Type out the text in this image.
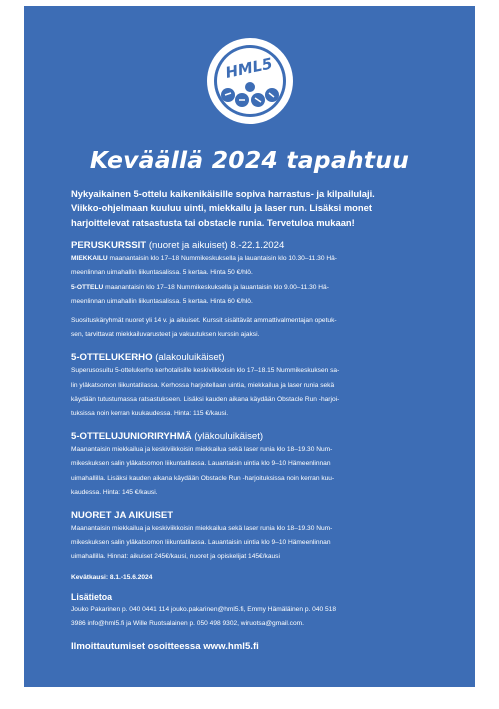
HML5
Keväällä 2024 tapahtuu

Nykyaikainen 5-ottelu kaikenikäisille sopiva harrastus- ja kilpailulaji.

Viikko-ohjelmaan kuuluu uinti, miekkailu ja laser run. Lisäksi monet

harjoittelevat ratsastusta tai obstacle runia. Tervetuloa mukaan!

PERUSKURSSIT (nuoret ja aikuiset) 8.-22.1.2024

MIEKKAILU maanantaisin klo 17–18 Nummikeskuksella ja lauantaisin klo 10.30–11.30 Hä-

meenlinnan uimahallin liikuntasalissa. 5 kertaa. Hinta 50 €/hlö.

5-OTTELU maanantaisin klo 17–18 Nummikeskuksella ja lauantaisin klo 9.00–11.30 Hä-

meenlinnan uimahallin liikuntasalissa. 5 kertaa. Hinta 60 €/hlö.

Suosituskäryhmät nuoret yli 14 v. ja aikuiset. Kurssit sisältävät ammattivalmentajan opetuk-

sen, tarvittavat miekkailuvarusteet ja vakuutuksen kurssin ajaksi.

5-OTTELUKERHO (alakouluikäiset)

Superusosuitu 5-ottelukerho kerhotalisille keskiviikkoisin klo 17–18.15 Nummikeskuksen sa-

lin yläkatsomon liikuntatilassa. Kerhossa harjoitellaan uintia, miekkailua ja laser runia sekä

käydään tutustumassa ratsastukseen. Lisäksi kauden aikana käydään Obstacle Run -harjoi-

tuksissa noin kerran kuukaudessa. Hinta: 115 €/kausi.

5-OTTELUJUNIORIRYHMÄ (yläkouluikäiset)

Maanantaisin miekkailua ja keskiviikkoisin miekkailua sekä laser runia klo 18–19.30 Num-

mikeskuksen salin yläkatsomon liikuntatilassa. Lauantaisin uintia klo 9–10 Hämeenlinnan

uimahallilla. Lisäksi kauden aikana käydään Obstacle Run -harjoituksissa noin kerran kuu-

kaudessa. Hinta: 145 €/kausi.

NUORET JA AIKUISET

Maanantaisin miekkailua ja keskiviikkoisin miekkailua sekä laser runia klo 18–19.30 Num-

mikeskuksen salin yläkatsomon liikuntatilassa. Lauantaisin uintia klo 9–10 Hämeenlinnan

uimahallilla. Hinnat: aikuiset 245€/kausi, nuoret ja opiskelijat 145€/kausi

Kevätkausi: 8.1.-15.6.2024

Lisätietoa

Jouko Pakarinen p. 040 0441 114 jouko.pakarinen@hml5.fi, Emmy Hämäläinen p. 040 518

3986 info@hml5.fi ja Wille Ruotsalainen p. 050 498 9302, wiruotsa@gmail.com.

Ilmoittautumiset osoitteessa www.hml5.fi
